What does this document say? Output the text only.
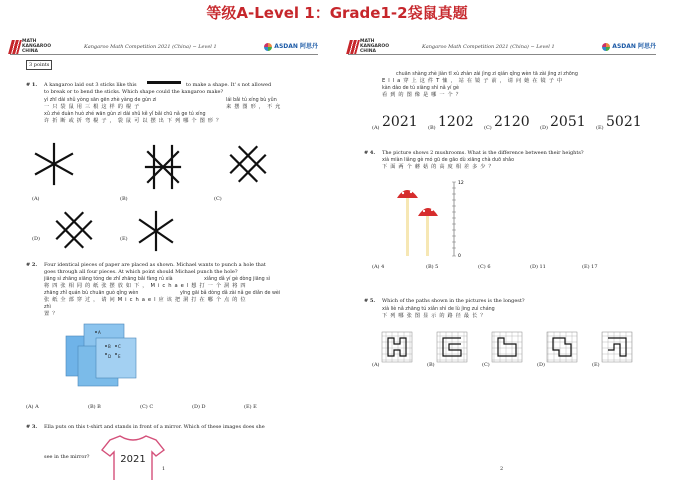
等级A-Level 1：Grade1-2袋鼠真题
MATH
KANGAROO
CHINA
Kangaroo Math Competition 2021 (China) − Level 1	ASDAN 阿思丹
3 points
# 1. A kangaroo laid out 3 sticks like this	to make a shape. It' s not allowed
to break or to bend the sticks. Which shape could the kangaroo make?
yì zhī dài shǔ yòng sān gēn zhè yàng de gùn zi	lái bǎi tú xíng bù yǔn
一只袋鼠用三根这样的棍子	来摆图形，不允
xǔ zhé duàn huò zhé wān gùn zi dài shǔ kě yǐ bǎi chū nǎ ge tú xíng
许折断或折弯棍子，袋鼠可以摆出下列哪个图形？
(A)	(B)	(C)
(D)	(E)
# 2. Four identical pieces of paper are placed as shown. Michael wants to punch a hole that
goes through all four pieces. At which point should Michael punch the hole?
jiāng sì zhāng xiāng tóng de zhǐ zhāng bǎi fàng rú xià	xiǎng dǎ yí gè dòng jiāng sì
将四张相同的纸张摆放如下，Michael想打一个洞将四
zhāng zhǐ quán bù chuān guò qǐng wèn	yīng gāi bǎ dòng dǎ zài nǎ ge diǎn de wèi
张纸全部穿过，请问Michael应该把洞打在哪个点的位
zhì
置？
A
B C
D E
(A) A	(B) B	(C) C	(D) D	(E) E
# 3. Ella puts on this t-shirt and stands in front of a mirror. Which of these images does she
2021
see in the mirror?
1
MATH
KANGAROO
CHINA
Kangaroo Math Competition 2021 (China) − Level 1	ASDAN 阿思丹
chuān shàng zhè jiàn tī xù zhàn zài jìng zi qián qǐng wèn tā zài jìng zi zhōng
Ella穿上这件T恤，站在镜子前，请问她在镜子中
kàn dào de tú xiàng shì nǎ yí gè
看到的图像是哪一个？
(A) 2021 (B) 1202 (C) 2120 (D) 2051 (E) 5021
# 4. The picture shows 2 mushrooms. What is the difference between their heights?
xià miàn liǎng gè mó gū de gāo dù xiāng chà duō shǎo
下面两个蘑菇的高度相差多少？
12
0
(A) 4	(B) 5	(C) 6	(D) 11	(E) 17
# 5. Which of the paths shown in the pictures is the longest?
xià liè nǎ zhāng tú xiǎn shì de lù jìng zuì cháng
下列哪张图显示的路径最长？
(A)	(B)	(C)	(D)	(E)
2
